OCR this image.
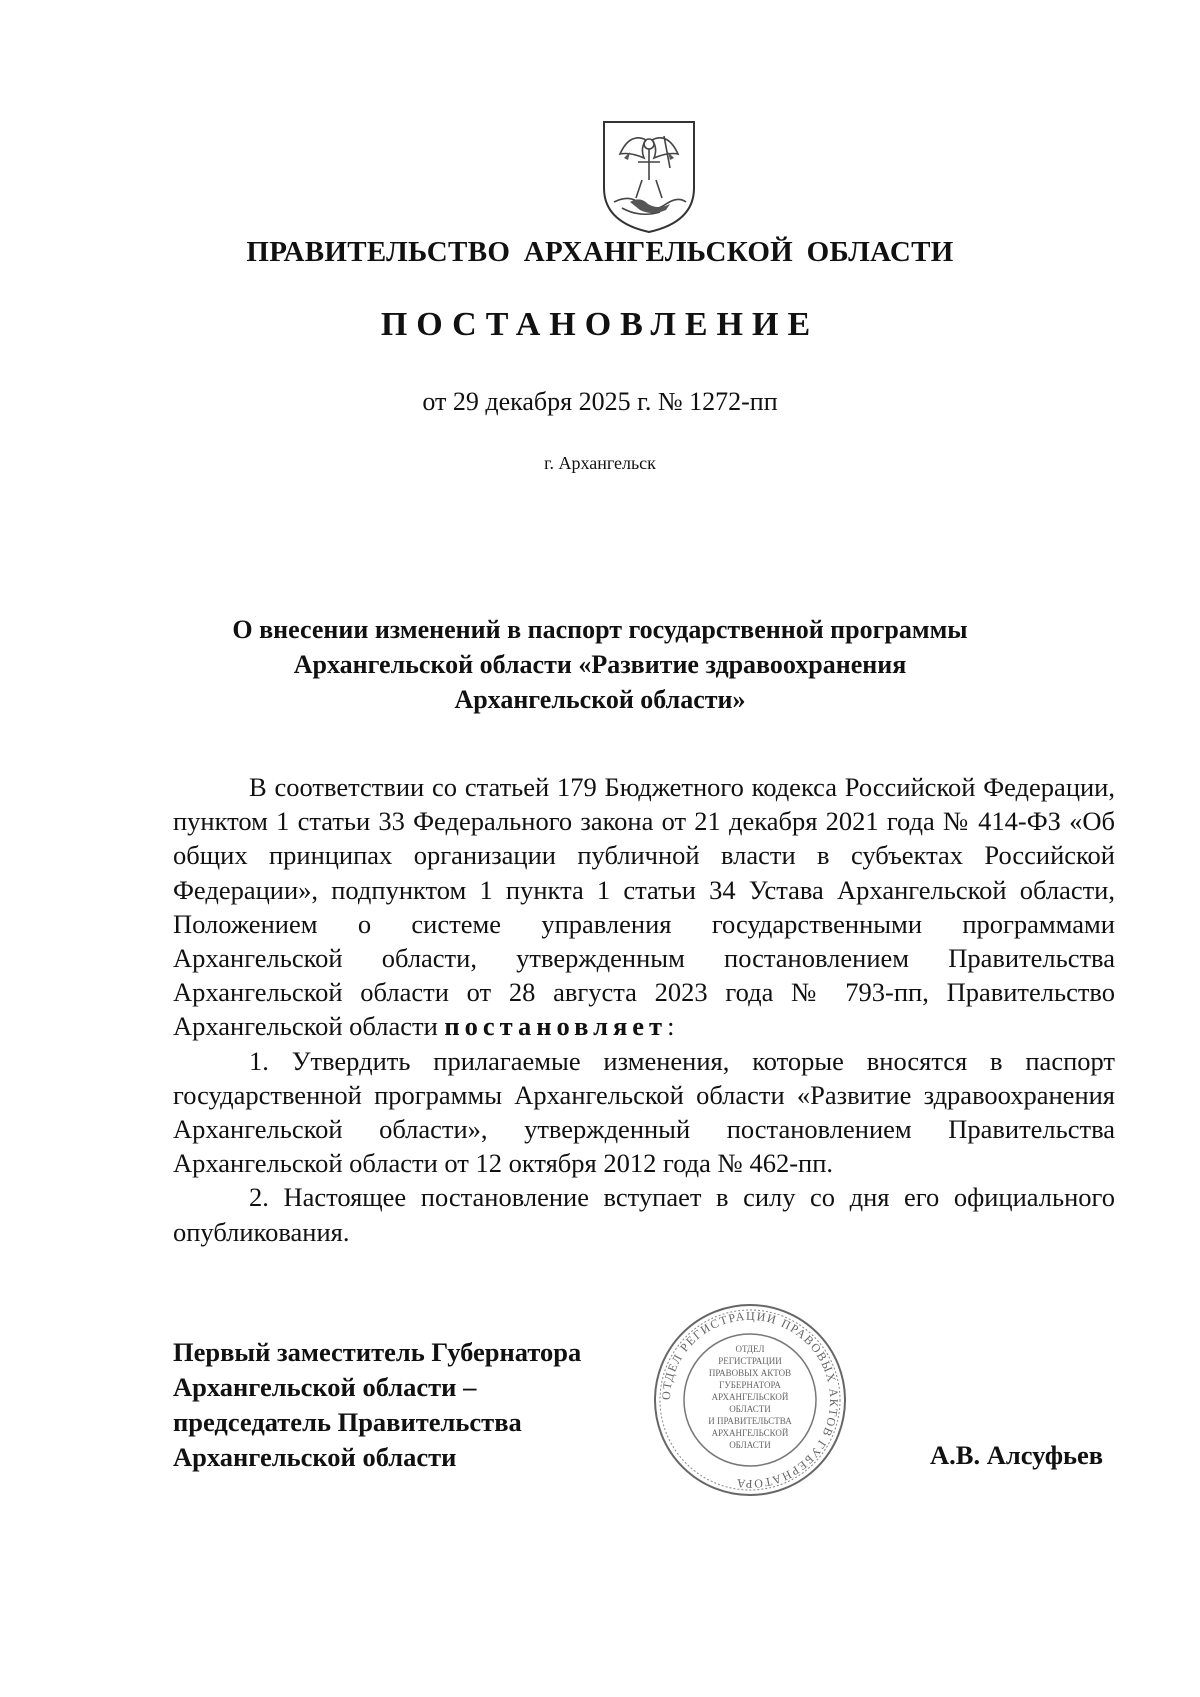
ПРАВИТЕЛЬСТВО АРХАНГЕЛЬСКОЙ ОБЛАСТИ
ПОСТАНОВЛЕНИЕ
от 29 декабря 2025 г. № 1272-пп
г. Архангельск
О внесении изменений в паспорт государственной программы
Архангельской области «Развитие здравоохранения
Архангельской области»

В соответствии со статьей 179 Бюджетного кодекса Российской Федерации, пунктом 1 статьи 33 Федерального закона от 21 декабря 2021 года № 414-ФЗ «Об общих принципах организации публичной власти в субъектах Российской Федерации», подпунктом 1 пункта 1 статьи 34 Устава Архангельской области, Положением о системе управления государственными программами Архангельской области, утвержденным постановлением Правительства Архангельской области от 28 августа 2023 года № 793-пп, Правительство Архангельской области постановляет:

1. Утвердить прилагаемые изменения, которые вносятся в паспорт государственной программы Архангельской области «Развитие здравоохранения Архангельской области», утвержденный постановлением Правительства Архангельской области от 12 октября 2012 года № 462-пп.

2. Настоящее постановление вступает в силу со дня его официального опубликования.

Первый заместитель Губернатора
Архангельской области –
председатель Правительства
Архангельской области
ОТДЕЛ РЕГИСТРАЦИИ ПРАВОВЫХ АКТОВ ГУБЕРНАТОРА
ОТДЕЛ
РЕГИСТРАЦИИ
ПРАВОВЫХ АКТОВ
ГУБЕРНАТОРА
АРХАНГЕЛЬСКОЙ
ОБЛАСТИ
И ПРАВИТЕЛЬСТВА
АРХАНГЕЛЬСКОЙ
ОБЛАСТИ	А.В. Алсуфьев
